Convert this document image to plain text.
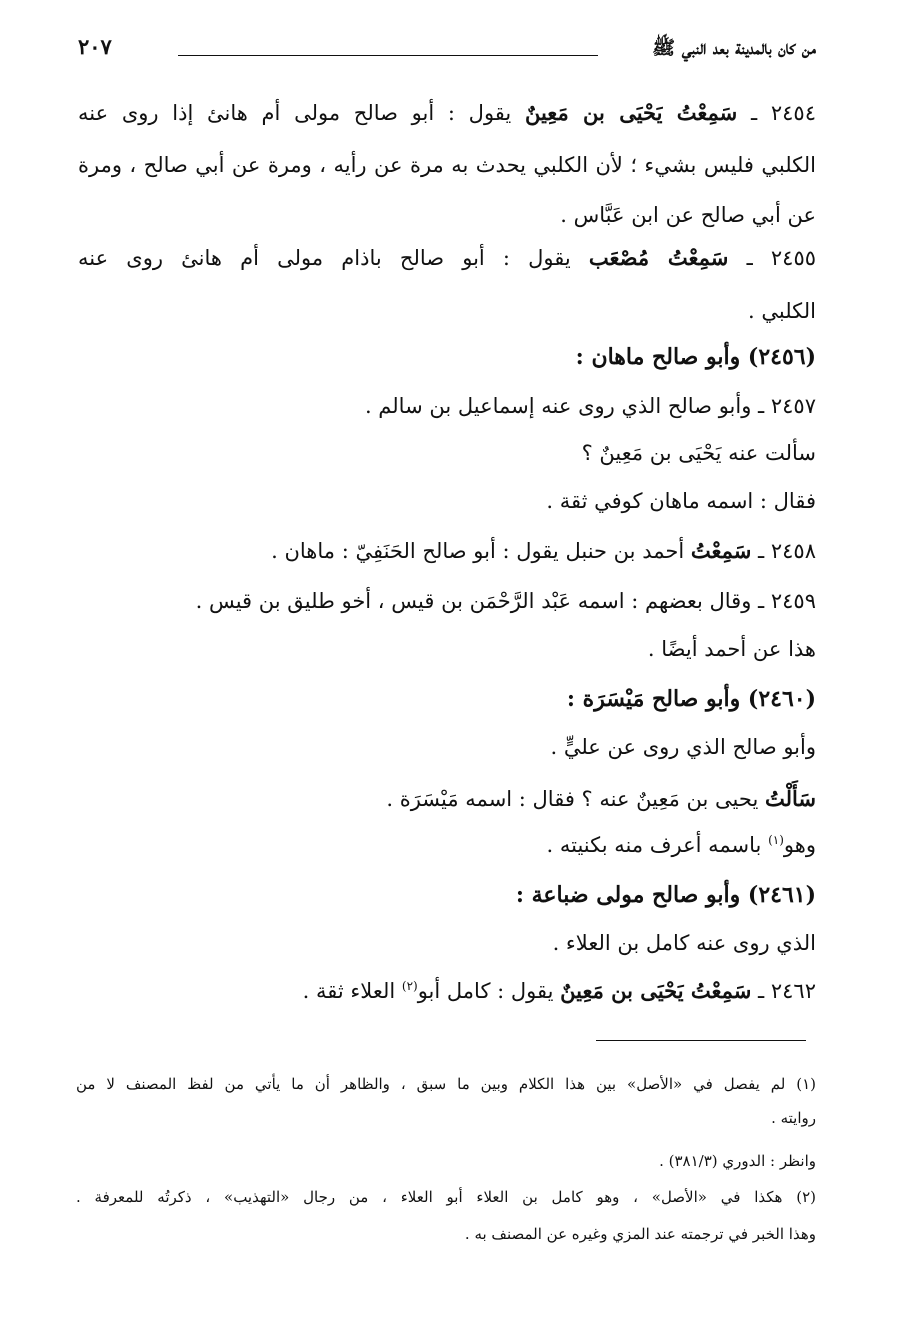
من كان بالمدينة بعد النبي ﷺ
٢٠٧
٢٤٥٤ ـ سَمِعْتُ يَحْيَى بن مَعِينٌ يقول : أبو صالح مولى أم هانئ إذا روى عنه
الكلبي فليس بشيء ؛ لأن الكلبي يحدث به مرة عن رأيه ، ومرة عن أبي صالح ، ومرة
عن أبي صالح عن ابن عَبَّاس .
٢٤٥٥ ـ سَمِعْتُ مُصْعَب يقول : أبو صالح باذام مولى أم هانئ روى عنه
الكلبي .
(٢٤٥٦) وأبو صالح ماهان :
٢٤٥٧ ـ وأبو صالح الذي روى عنه إسماعيل بن سالم .
سألت عنه يَحْيَى بن مَعِينٌ ؟
فقال : اسمه ماهان كوفي ثقة .
٢٤٥٨ ـ سَمِعْتُ أحمد بن حنبل يقول : أبو صالح الحَنَفِيّ : ماهان .
٢٤٥٩ ـ وقال بعضهم : اسمه عَبْد الرَّحْمَن بن قيس ، أخو طليق بن قيس .
هذا عن أحمد أيضًا .
(٢٤٦٠) وأبو صالح مَيْسَرَة :
وأبو صالح الذي روى عن عليٍّ .
سَأَلْتُ يحيى بن مَعِينٌ عنه ؟ فقال : اسمه مَيْسَرَة .
وهو$^{(١)}$ باسمه أعرف منه بكنيته .
(٢٤٦١) وأبو صالح مولى ضباعة :
الذي روى عنه كامل بن العلاء .
٢٤٦٢ ـ سَمِعْتُ يَحْيَى بن مَعِينٌ يقول : كامل أبو$^{(٢)}$ العلاء ثقة .
(١) لم يفصل في «الأصل» بين هذا الكلام وبين ما سبق ، والظاهر أن ما يأتي من لفظ المصنف لا من
روايته .
وانظر : الدوري (٣٨١/٣) .
(٢) هكذا في «الأصل» ، وهو كامل بن العلاء أبو العلاء ، من رجال «التهذيب» ، ذكرتُه للمعرفة .
وهذا الخبر في ترجمته عند المزي وغيره عن المصنف به .
